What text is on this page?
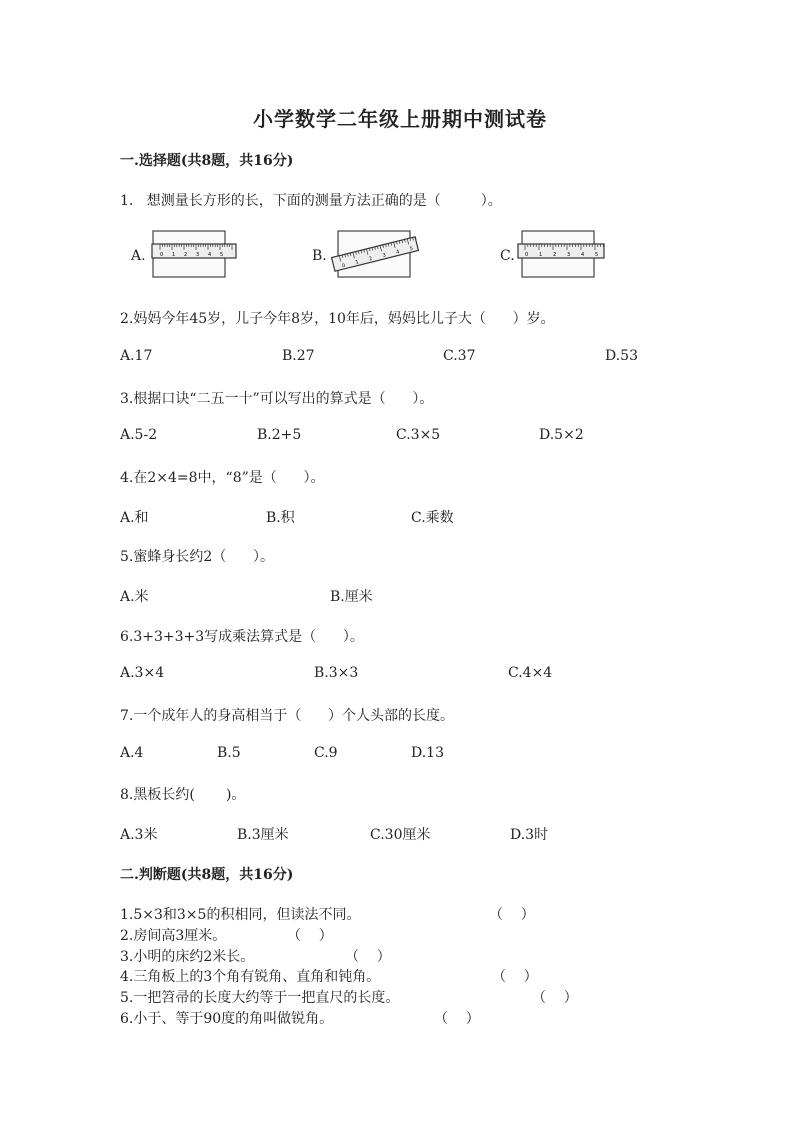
小学数学二年级上册期中测试卷
一.选择题(共8题，共16分)
1.   想测量长方形的长，下面的测量方法正确的是（         ）。
A.	0 1 2 3 4 5	B.
0
1
2
3
4
5	C. 0 1 2 3 4 5
2.妈妈今年45岁，儿子今年8岁，10年后，妈妈比儿子大（      ）岁。
A.17	B.27	C.37	D.53
3.根据口诀“二五一十”可以写出的算式是（      ）。
A.5-2	B.2+5	C.3×5	D.5×2
4.在2×4=8中，“8”是（      ）。
A.和	B.积	C.乘数
5.蜜蜂身长约2（      ）。
A.米	B.厘米
6.3+3+3+3写成乘法算式是（      ）。
A.3×4	B.3×3	C.4×4
7.一个成年人的身高相当于（      ）个人头部的长度。
A.4	B.5	C.9	D.13
8.黑板长约(       )。
A.3米	B.3厘米	C.30厘米	D.3时
二.判断题(共8题，共16分)
1.5×3和3×5的积相同，但读法不同。	（    ）
2.房间高3厘米。	（    ）
3.小明的床约2米长。	（    ）
4.三角板上的3个角有锐角、直角和钝角。	（    ）
5.一把笤帚的长度大约等于一把直尺的长度。	（    ）
6.小于、等于90度的角叫做锐角。	（    ）
